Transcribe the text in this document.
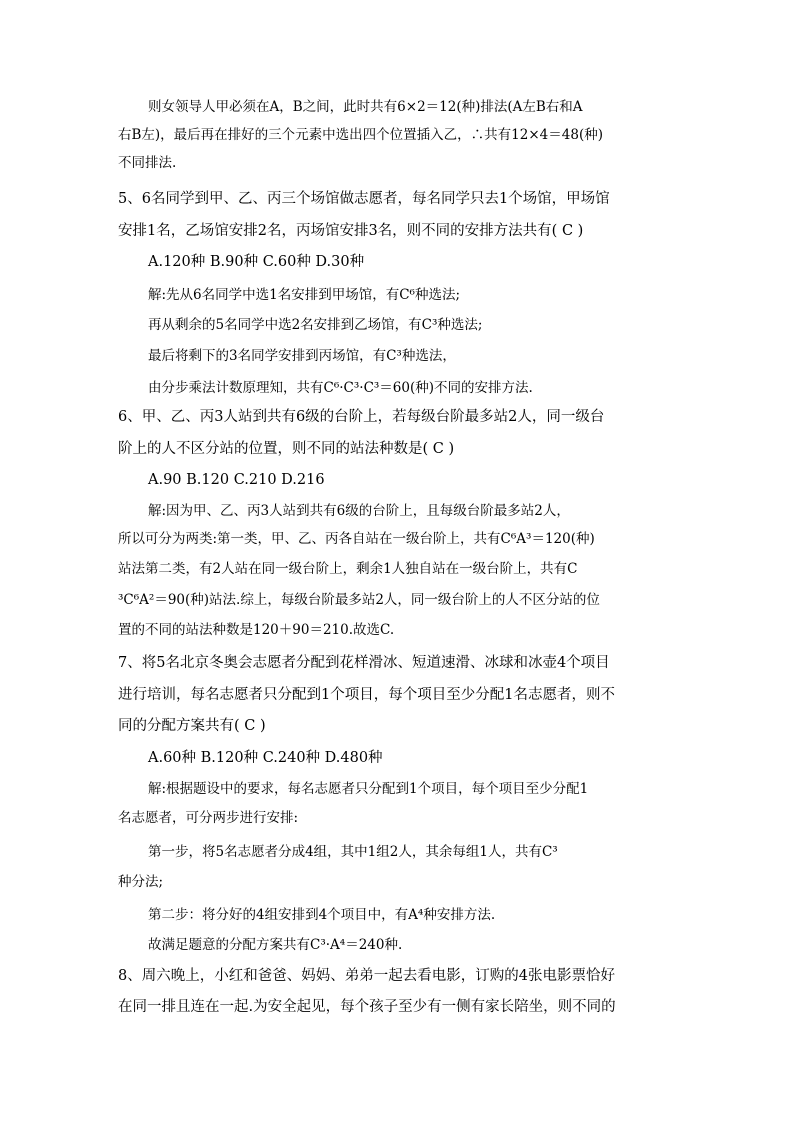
则女领导人甲必须在A，B之间，此时共有6×2＝12(种)排法(A左B右和A
右B左)，最后再在排好的三个元素中选出四个位置插入乙，∴共有12×4＝48(种)
不同排法.
5、6名同学到甲、乙、丙三个场馆做志愿者，每名同学只去1个场馆，甲场馆
安排1名，乙场馆安排2名，丙场馆安排3名，则不同的安排方法共有( C )
A.120种 B.90种 C.60种 D.30种
解:先从6名同学中选1名安排到甲场馆，有C⁶种选法;
再从剩余的5名同学中选2名安排到乙场馆，有C³种选法;
最后将剩下的3名同学安排到丙场馆，有C³种选法，
由分步乘法计数原理知，共有C⁶·C³·C³＝60(种)不同的安排方法.
6、甲、乙、丙3人站到共有6级的台阶上，若每级台阶最多站2人，同一级台
阶上的人不区分站的位置，则不同的站法种数是( C )
A.90 B.120 C.210 D.216
解:因为甲、乙、丙3人站到共有6级的台阶上，且每级台阶最多站2人，
所以可分为两类:第一类，甲、乙、丙各自站在一级台阶上，共有C⁶A³＝120(种)
站法第二类，有2人站在同一级台阶上，剩余1人独自站在一级台阶上，共有C
³C⁶A²＝90(种)站法.综上，每级台阶最多站2人，同一级台阶上的人不区分站的位
置的不同的站法种数是120＋90＝210.故选C.
7、将5名北京冬奥会志愿者分配到花样滑冰、短道速滑、冰球和冰壶4个项目
进行培训，每名志愿者只分配到1个项目，每个项目至少分配1名志愿者，则不
同的分配方案共有( C )
A.60种 B.120种 C.240种 D.480种
解:根据题设中的要求，每名志愿者只分配到1个项目，每个项目至少分配1
名志愿者，可分两步进行安排:
第一步，将5名志愿者分成4组，其中1组2人，其余每组1人，共有C³
种分法;
第二步：将分好的4组安排到4个项目中，有A⁴种安排方法.
故满足题意的分配方案共有C³·A⁴＝240种.
8、周六晚上，小红和爸爸、妈妈、弟弟一起去看电影，订购的4张电影票恰好
在同一排且连在一起.为安全起见，每个孩子至少有一侧有家长陪坐，则不同的
